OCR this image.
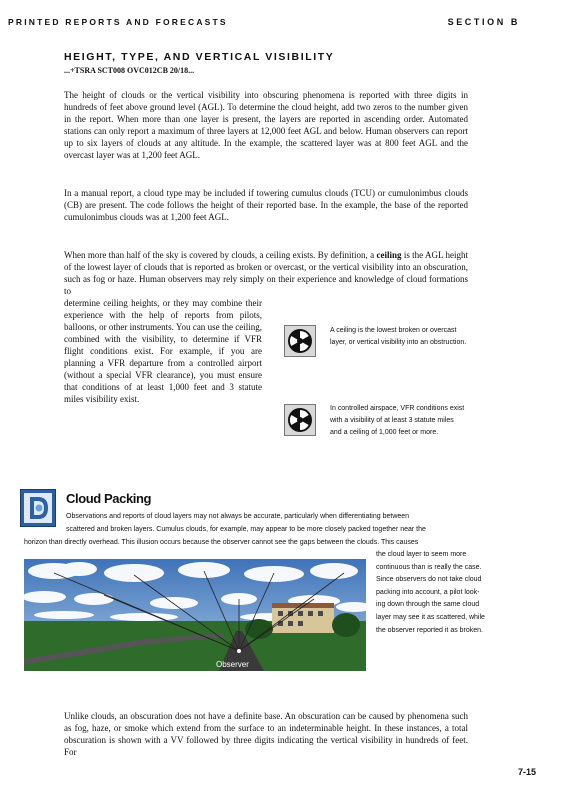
PRINTED REPORTS AND FORECASTS	SECTION B
HEIGHT, TYPE, AND VERTICAL VISIBILITY
...+TSRA SCT008 OVC012CB 20/18...

The height of clouds or the vertical visibility into obscuring phenomena is reported with three digits in hundreds of feet above ground level (AGL). To determine the cloud height, add two zeros to the number given in the report. When more than one layer is present, the layers are reported in ascending order. Automated stations can only report a maximum of three layers at 12,000 feet AGL and below. Human observers can report up to six layers of clouds at any altitude. In the example, the scattered layer was at 800 feet AGL and the overcast layer was at 1,200 feet AGL.

In a manual report, a cloud type may be included if towering cumulus clouds (TCU) or cumulonimbus clouds (CB) are present. The code follows the height of their reported base. In the example, the base of the reported cumulonimbus clouds was at 1,200 feet AGL.

When more than half of the sky is covered by clouds, a ceiling exists. By definition, a ceiling is the AGL height of the lowest layer of clouds that is reported as broken or overcast, or the vertical visibility into an obscuration, such as fog or haze. Human observers may rely simply on their experience and knowledge of cloud formations to

determine ceiling heights, or they may combine their experience with the help of reports from pilots, balloons, or other instruments. You can use the ceiling, combined with the visibility, to determine if VFR flight conditions exist. For example, if you are planning a VFR departure from a controlled airport (without a special VFR clearance), you must ensure that conditions of at least 1,000 feet and 3 statute miles visibility exist.

A ceiling is the lowest broken or overcast
layer, or vertical visibility into an obstruction.
In controlled airspace, VFR conditions exist
with a visibility of at least 3 statute miles
and a ceiling of 1,000 feet or more.
Cloud Packing
Observations and reports of cloud layers may not always be accurate, particularly when differentiating between
scattered and broken layers. Cumulus clouds, for example, may appear to be more closely packed together near the
horizon than directly overhead. This illusion occurs because the observer cannot see the gaps between the clouds. This causes
Observer
the cloud layer to seem more
continuous than is really the case.
Since observers do not take cloud
packing into account, a pilot look-
ing down through the same cloud
layer may see it as scattered, while
the observer reported it as broken.

Unlike clouds, an obscuration does not have a definite base. An obscuration can be caused by phenomena such as fog, haze, or smoke which extend from the surface to an indeterminable height. In these instances, a total obscuration is shown with a VV followed by three digits indicating the vertical visibility in hundreds of feet. For

7-15
